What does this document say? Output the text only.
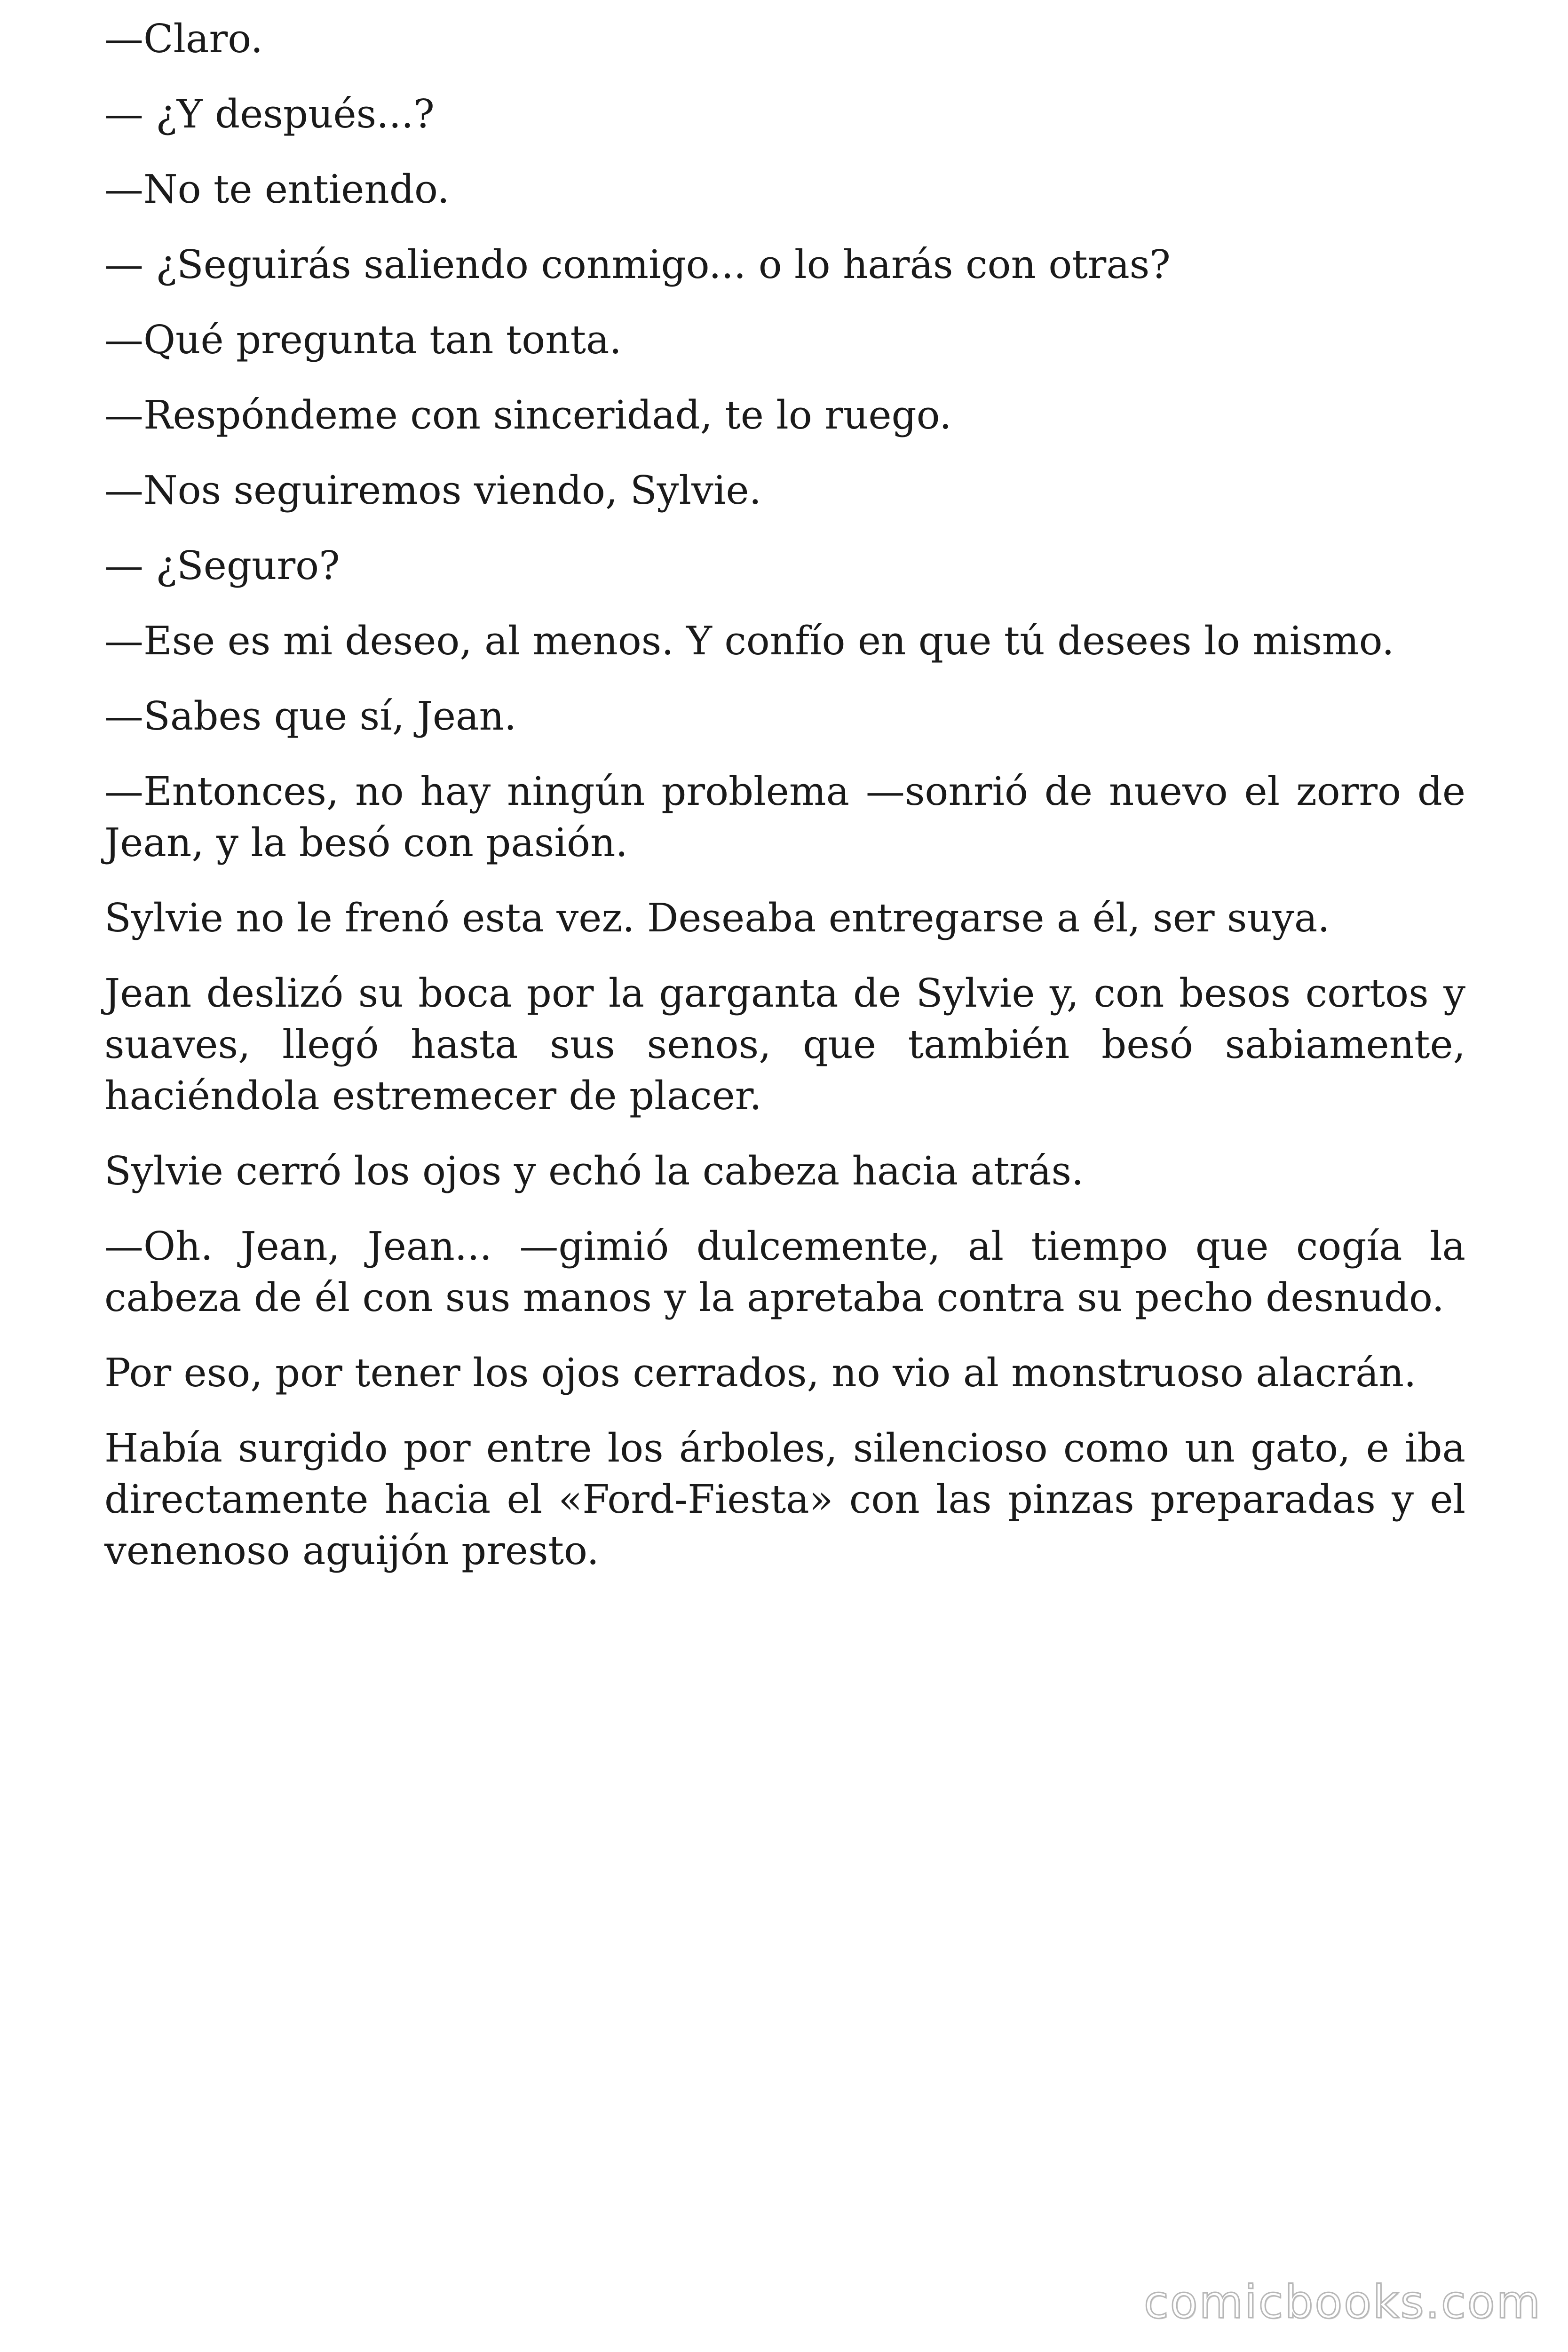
—Claro.

— ¿Y después...?

—No te entiendo.

— ¿Seguirás saliendo conmigo... o lo harás con otras?

—Qué pregunta tan tonta.

—Respóndeme con sinceridad, te lo ruego.

—Nos seguiremos viendo, Sylvie.

— ¿Seguro?

—Ese es mi deseo, al menos. Y confío en que tú desees lo mismo.

—Sabes que sí, Jean.

—Entonces, no hay ningún problema —sonrió de nuevo el zorro de Jean, y la besó con pasión.

Sylvie no le frenó esta vez. Deseaba entregarse a él, ser suya.

Jean deslizó su boca por la garganta de Sylvie y, con besos cortos y suaves, llegó hasta sus senos, que también besó sabiamente, haciéndola estremecer de placer.

Sylvie cerró los ojos y echó la cabeza hacia atrás.

—Oh. Jean, Jean... —gimió dulcemente, al tiempo que cogía la cabeza de él con sus manos y la apretaba contra su pecho desnudo.

Por eso, por tener los ojos cerrados, no vio al monstruoso alacrán.

Había surgido por entre los árboles, silencioso como un gato, e iba directamente hacia el «Ford-Fiesta» con las pinzas preparadas y el venenoso aguijón presto.

comicbooks.com
